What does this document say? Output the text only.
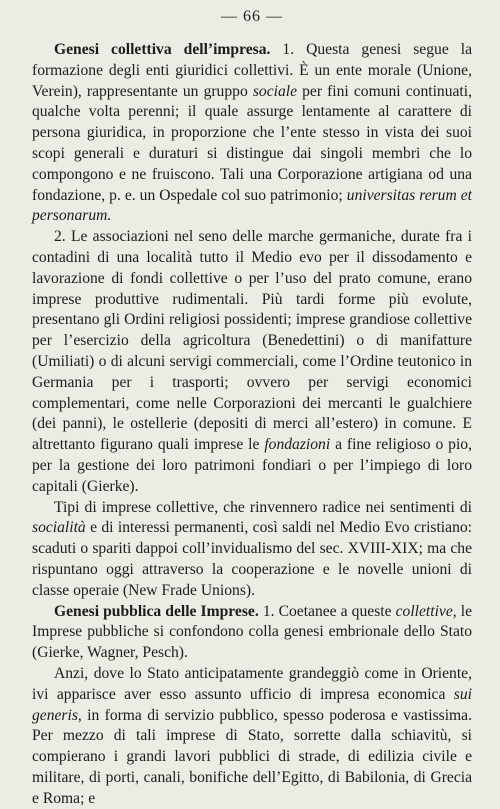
— 66 —

Genesi collettiva dell’impresa. 1. Questa genesi segue la formazione degli enti giuridici collettivi. È un ente morale (Unione, Verein), rappresentante un gruppo sociale per fini comuni continuati, qualche volta perenni; il quale assurge lentamente al carattere di persona giuridica, in proporzione che l’ente stesso in vista dei suoi scopi generali e duraturi si distingue dai singoli membri che lo compongono e ne fruiscono. Tali una Corporazione artigiana od una fondazione, p. e. un Ospedale col suo patrimonio; universitas rerum et personarum.

2. Le associazioni nel seno delle marche germaniche, durate fra i contadini di una località tutto il Medio evo per il dissodamento e lavorazione di fondi collettive o per l’uso del prato comune, erano imprese produttive rudimentali. Più tardi forme più evolute, presentano gli Ordini religiosi possidenti; imprese grandiose collettive per l’esercizio della agricoltura (Benedettini) o di manifatture (Umiliati) o di alcuni servigi commerciali, come l’Ordine teutonico in Germania per i trasporti; ovvero per servigi economici complementari, come nelle Corporazioni dei mercanti le gualchiere (dei panni), le ostellerie (depositi di merci all’estero) in comune. E altrettanto figurano quali imprese le fondazioni a fine religioso o pio, per la gestione dei loro patrimoni fondiari o per l’impiego di loro capitali (Gierke).

Tipi di imprese collettive, che rinvennero radice nei sentimenti di socialità e di interessi permanenti, così saldi nel Medio Evo cristiano: scaduti o spariti dappoi coll’invidualismo del sec. XVIII-XIX; ma che rispuntano oggi attraverso la cooperazione e le novelle unioni di classe operaie (New Frade Unions).

Genesi pubblica delle Imprese. 1. Coetanee a queste collettive, le Imprese pubbliche si confondono colla genesi embrionale dello Stato (Gierke, Wagner, Pesch).

Anzi, dove lo Stato anticipatamente grandeggiò come in Oriente, ivi apparisce aver esso assunto ufficio di impresa economica sui generis, in forma di servizio pubblico, spesso poderosa e vastissima. Per mezzo di tali imprese di Stato, sorrette dalla schiavitù, si compierano i grandi lavori pubblici di strade, di edilizia civile e militare, di porti, canali, bonifiche dell’Egitto, di Babilonia, di Grecia e Roma; e
